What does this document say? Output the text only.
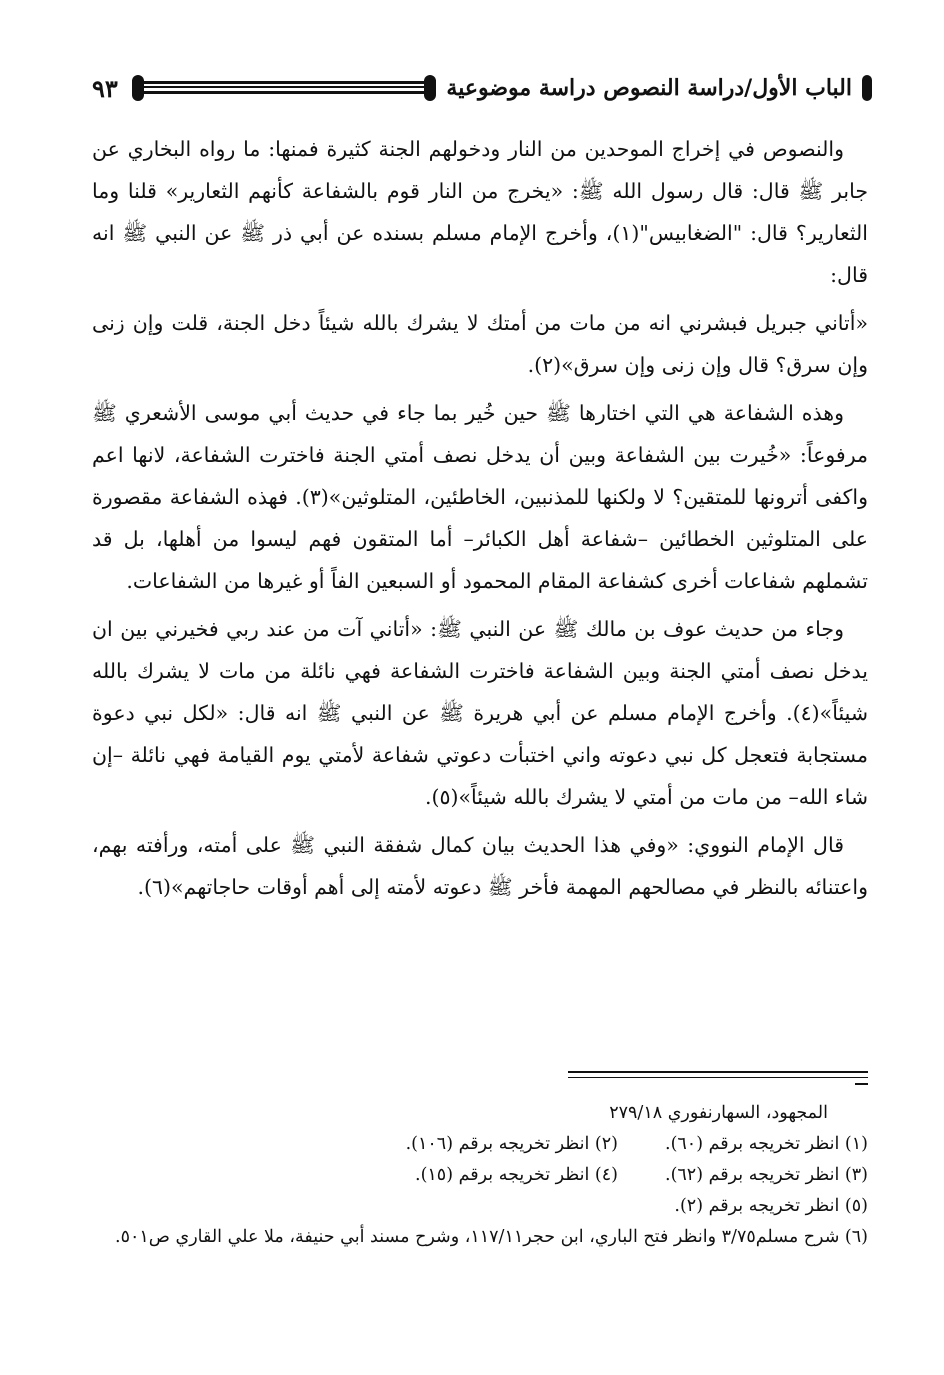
الباب الأول/دراسة النصوص دراسة موضوعية
٩٣

والنصوص في إخراج الموحدين من النار ودخولهم الجنة كثيرة فمنها: ما رواه البخاري عن جابر ﷺ قال: قال رسول الله ﷺ: «يخرج من النار قوم بالشفاعة كأنهم الثعارير» قلنا وما الثعارير؟ قال: "الضغابيس"(١)، وأخرج الإمام مسلم بسنده عن أبي ذر ﷺ عن النبي ﷺ انه قال:

«أتاني جبريل فبشرني انه من مات من أمتك لا يشرك بالله شيئاً دخل الجنة، قلت وإن زنى وإن سرق؟ قال وإن زنى وإن سرق»(٢).

وهذه الشفاعة هي التي اختارها ﷺ حين خُير بما جاء في حديث أبي موسى الأشعري ﷺ مرفوعاً: «خُيرت بين الشفاعة وبين أن يدخل نصف أمتي الجنة فاخترت الشفاعة، لانها اعم واكفى أترونها للمتقين؟ لا ولكنها للمذنبين، الخاطئين، المتلوثين»(٣). فهذه الشفاعة مقصورة على المتلوثين الخطائين –شفاعة أهل الكبائر– أما المتقون فهم ليسوا من أهلها، بل قد تشملهم شفاعات أخرى كشفاعة المقام المحمود أو السبعين الفاً أو غيرها من الشفاعات.

وجاء من حديث عوف بن مالك ﷺ عن النبي ﷺ: «أتاني آت من عند ربي فخيرني بين ان يدخل نصف أمتي الجنة وبين الشفاعة فاخترت الشفاعة فهي نائلة من مات لا يشرك بالله شيئاً»(٤). وأخرج الإمام مسلم عن أبي هريرة ﷺ عن النبي ﷺ انه قال: «لكل نبي دعوة مستجابة فتعجل كل نبي دعوته واني اختبأت دعوتي شفاعة لأمتي يوم القيامة فهي نائلة –إن شاء الله– من مات من أمتي لا يشرك بالله شيئاً»(٥).

قال الإمام النووي: «وفي هذا الحديث بيان كمال شفقة النبي ﷺ على أمته، ورأفته بهم، واعتنائه بالنظر في مصالحهم المهمة فأخر ﷺ دعوته لأمته إلى أهم أوقات حاجاتهم»(٦).

المجهود، السهارنفوري ٢٧٩/١٨
(١) انظر تخريجه برقم (٦٠).
(٢) انظر تخريجه برقم (١٠٦).
(٣) انظر تخريجه برقم (٦٢).
(٤) انظر تخريجه برقم (١٥).
(٥) انظر تخريجه برقم (٢).
(٦) شرح مسلم٣/٧٥ وانظر فتح الباري، ابن حجر١١٧/١١، وشرح مسند أبي حنيفة، ملا علي القاري ص٥٠١.
